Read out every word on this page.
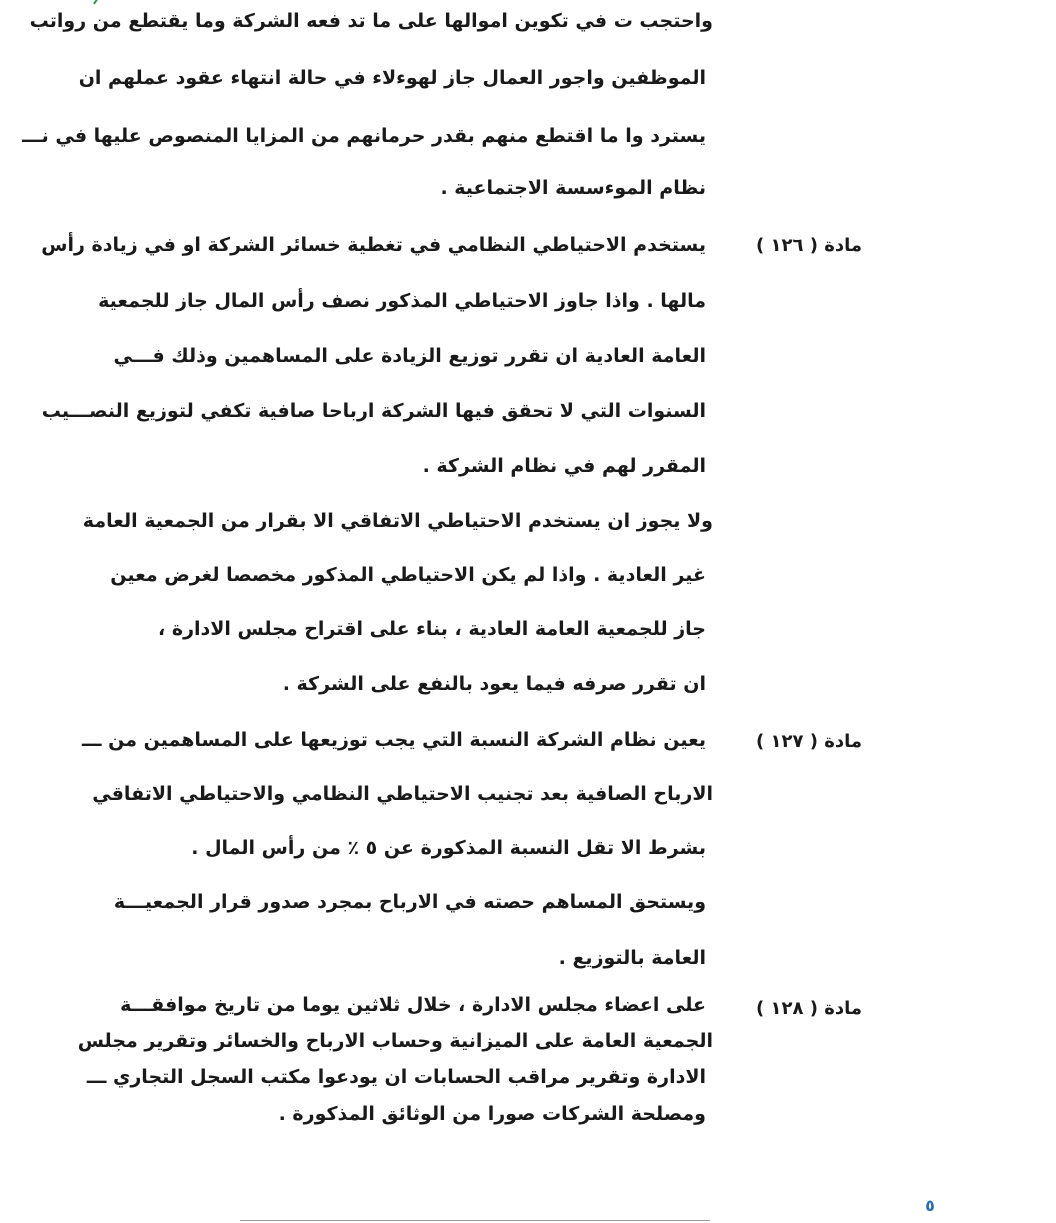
واحتجب ت في تكوين اموالها على ما تد فعه الشركة وما يقتطع من رواتب
الموظفين واجور العمال جاز لهوءلاء في حالة انتهاء عقود عملهم ان
يسترد وا ما اقتطع منهم بقدر حرمانهم من المزايا المنصوص عليها في نـــ
نظام الموءسسة الاجتماعية .
مادة ( ١٢٦ )
يستخدم الاحتياطي النظامي في تغطية خسائر الشركة او في زيادة رأس
مالها . واذا جاوز الاحتياطي المذكور نصف رأس المال جاز للجمعية
العامة العادية ان تقرر توزيع الزيادة على المساهمين وذلك فـــي
السنوات التي لا تحقق فيها الشركة ارباحا صافية تكفي لتوزيع النصـــيب
المقرر لهم في نظام الشركة .
ولا يجوز ان يستخدم الاحتياطي الاتفاقي الا بقرار من الجمعية العامة
غير العادية . واذا لم يكن الاحتياطي المذكور مخصصا لغرض معين
جاز للجمعية العامة العادية ، بناء على اقتراح مجلس الادارة ،
ان تقرر صرفه فيما يعود بالنفع على الشركة .
مادة ( ١٢٧ )
يعين نظام الشركة النسبة التي يجب توزيعها على المساهمين من ـــ
الارباح الصافية بعد تجنيب الاحتياطي النظامي والاحتياطي الاتفاقي
بشرط الا تقل النسبة المذكورة عن ٥ ٪ من رأس المال .
ويستحق المساهم حصته في الارباح بمجرد صدور قرار الجمعيـــة
العامة بالتوزيع .
مادة ( ١٢٨ )
على اعضاء مجلس الادارة ، خلال ثلاثين يوما من تاريخ موافقـــة
الجمعية العامة على الميزانية وحساب الارباح والخسائر وتقرير مجلس
الادارة وتقرير مراقب الحسابات ان يودعوا مكتب السجل التجاري ـــ
ومصلحة الشركات صورا من الوثائق المذكورة .
٥
